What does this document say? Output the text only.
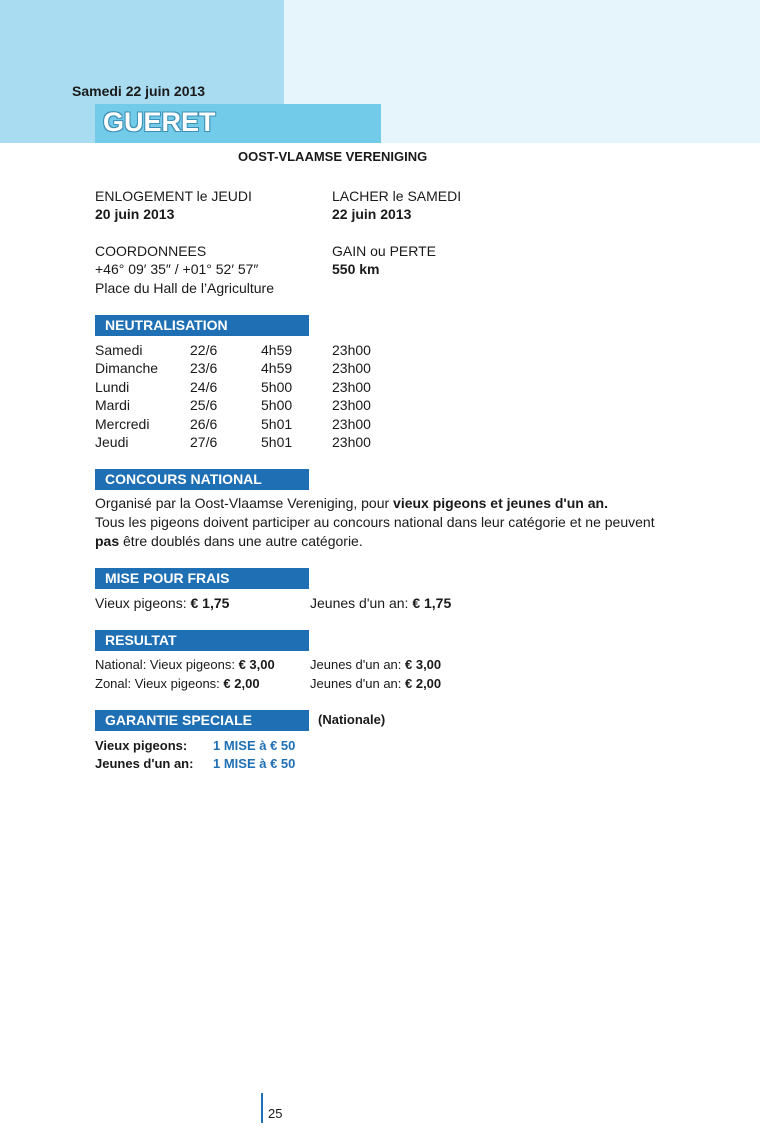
Samedi 22 juin 2013
GUERET
OOST-VLAAMSE VERENIGING
ENLOGEMENT le JEUDI
20 juin 2013
LACHER le SAMEDI
22 juin 2013
COORDONNEES
+46° 09′ 35″ / +01° 52′ 57″
Place du Hall de l’Agriculture
GAIN ou PERTE
550 km
NEUTRALISATION
Samedi	22/6	4h59	23h00
Dimanche 23/6	4h59	23h00
Lundi	24/6	5h00	23h00
Mardi	25/6	5h00	23h00
Mercredi	26/6	5h01	23h00
Jeudi	27/6	5h01	23h00
CONCOURS NATIONAL
Organisé par la Oost-Vlaamse Vereniging, pour vieux pigeons et jeunes d'un an.
Tous les pigeons doivent participer au concours national dans leur catégorie et ne peuvent
pas être doublés dans une autre catégorie.
MISE POUR FRAIS
Vieux pigeons: € 1,75	Jeunes d'un an: € 1,75
RESULTAT
National: Vieux pigeons: € 3,00	Jeunes d'un an: € 3,00
Zonal: Vieux pigeons: € 2,00	Jeunes d'un an: € 2,00
GARANTIE SPECIALE	(Nationale)
Vieux pigeons: 1 MISE à € 50
Jeunes d'un an: 1 MISE à € 50
25
